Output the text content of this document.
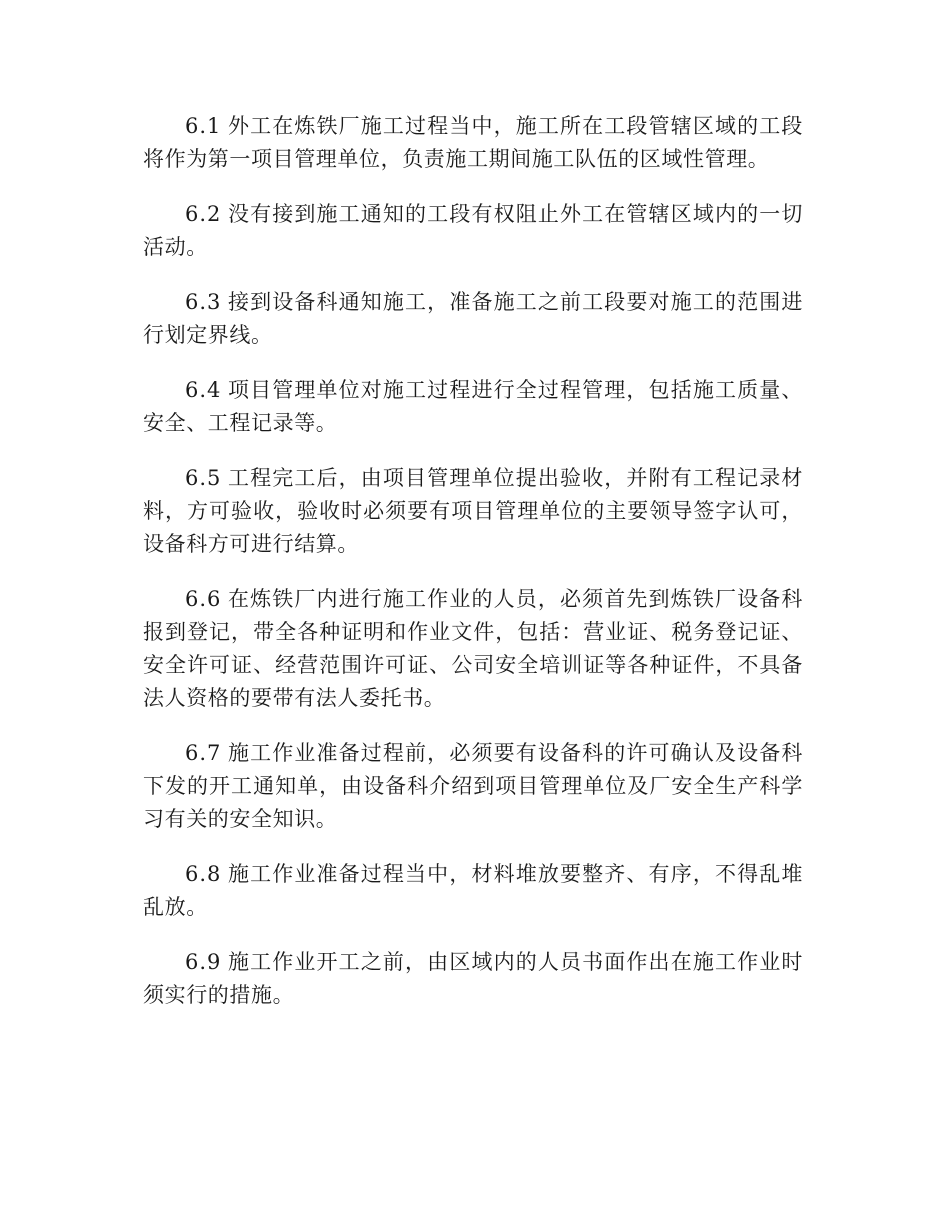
6.1 外工在炼铁厂施工过程当中，施工所在工段管辖区域的工段将作为第一项目管理单位，负责施工期间施工队伍的区域性管理。

6.2 没有接到施工通知的工段有权阻止外工在管辖区域内的一切活动。

6.3 接到设备科通知施工，准备施工之前工段要对施工的范围进行划定界线。

6.4 项目管理单位对施工过程进行全过程管理，包括施工质量、安全、工程记录等。

6.5 工程完工后，由项目管理单位提出验收，并附有工程记录材料，方可验收，验收时必须要有项目管理单位的主要领导签字认可，设备科方可进行结算。

6.6 在炼铁厂内进行施工作业的人员，必须首先到炼铁厂设备科报到登记，带全各种证明和作业文件，包括：营业证、税务登记证、安全许可证、经营范围许可证、公司安全培训证等各种证件，不具备法人资格的要带有法人委托书。

6.7 施工作业准备过程前，必须要有设备科的许可确认及设备科下发的开工通知单，由设备科介绍到项目管理单位及厂安全生产科学习有关的安全知识。

6.8 施工作业准备过程当中，材料堆放要整齐、有序，不得乱堆乱放。

6.9 施工作业开工之前，由区域内的人员书面作出在施工作业时须实行的措施。
